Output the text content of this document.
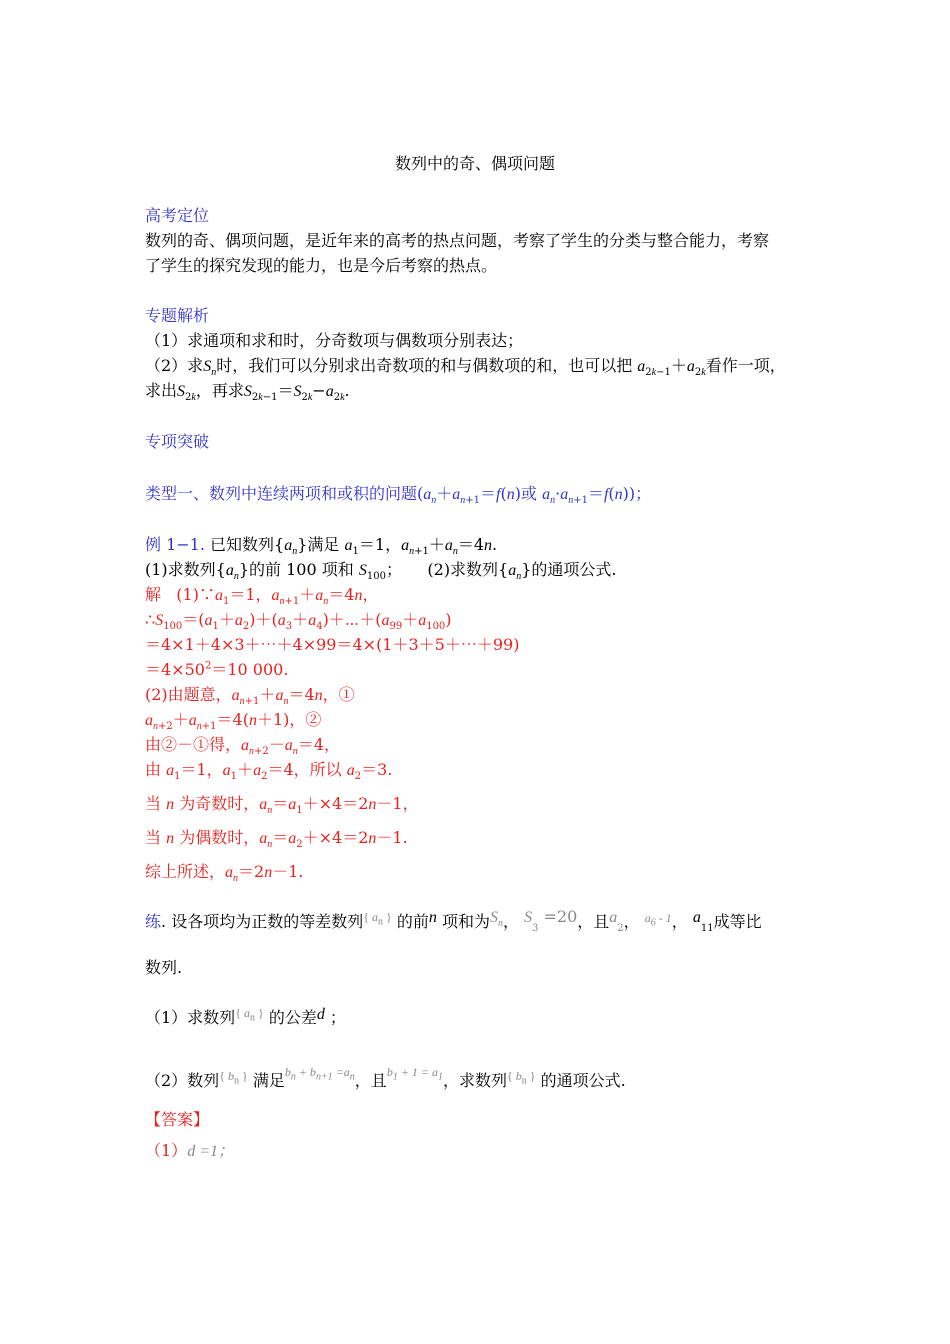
数列中的奇、偶项问题
高考定位
数列的奇、偶项问题，是近年来的高考的热点问题，考察了学生的分类与整合能力，考察
了学生的探究发现的能力，也是今后考察的热点。
专题解析
（1）求通项和求和时，分奇数项与偶数项分别表达；
（2）求$S_n$时，我们可以分别求出奇数项的和与偶数项的和，也可以把 $a_{2k-1}+a_{2k}$看作一项，
求出$S_{2k}$，再求$S_{2k-1}=S_{2k}-a_{2k}$.
专项突破
类型一、数列中连续两项和或积的问题($a_n+a_{n+1}=f(n)$或 $a_n\cdot a_{n+1}=f(n)$)；
例 1−1. 已知数列$\{a_n\}$满足 $a_1=1$，$a_{n+1}+a_n=4n$.
(1)求数列$\{a_n\}$的前 100 项和 $S_{100}$；     (2)求数列$\{a_n\}$的通项公式.
解   $(1)\because a_1=1$，$a_{n+1}+a_n=4n$，
$\therefore S_{100}=(a_1+a_2)+(a_3+a_4)+\cdots+(a_{99}+a_{100})$
＝4×1＋4×3＋⋯＋4×99＝4×(1＋3＋5＋⋯＋99)
$=4\times 50^2=10$ 000.
(2)由题意，$a_{n+1}+a_n=4n$，①
$a_{n+2}+a_{n+1}=4(n+1)$，②
由②－①得，$a_{n+2}-a_n=4$，
由 $a_1=1$，$a_1+a_2=4$，所以 $a_2=3$.
当 n 为奇数时，$a_n=a_1+\times 4=2n-1$，
当 n 为偶数时，$a_n=a_2+\times 4=2n-1$.
综上所述，$a_n=2n-1$.
练. 设各项均为正数的等差数列$^{\{ a_n \}}$ 的前n 项和为$S_n$， $S_3 =20$，且$a_2$， $^{a_6 - 1}$， $a_{11}$成等比
数列.
（1）求数列$^{\{ a_n \}}$ 的公差d ；
（2）数列$^{\{ b_n \}}$ 满足$^{b_n + b_{n+1} =a_n}$，且$^{b_1 + 1 = a_1}$，求数列$^{\{ b_n \}}$ 的通项公式.
【答案】
（1）d =1；
